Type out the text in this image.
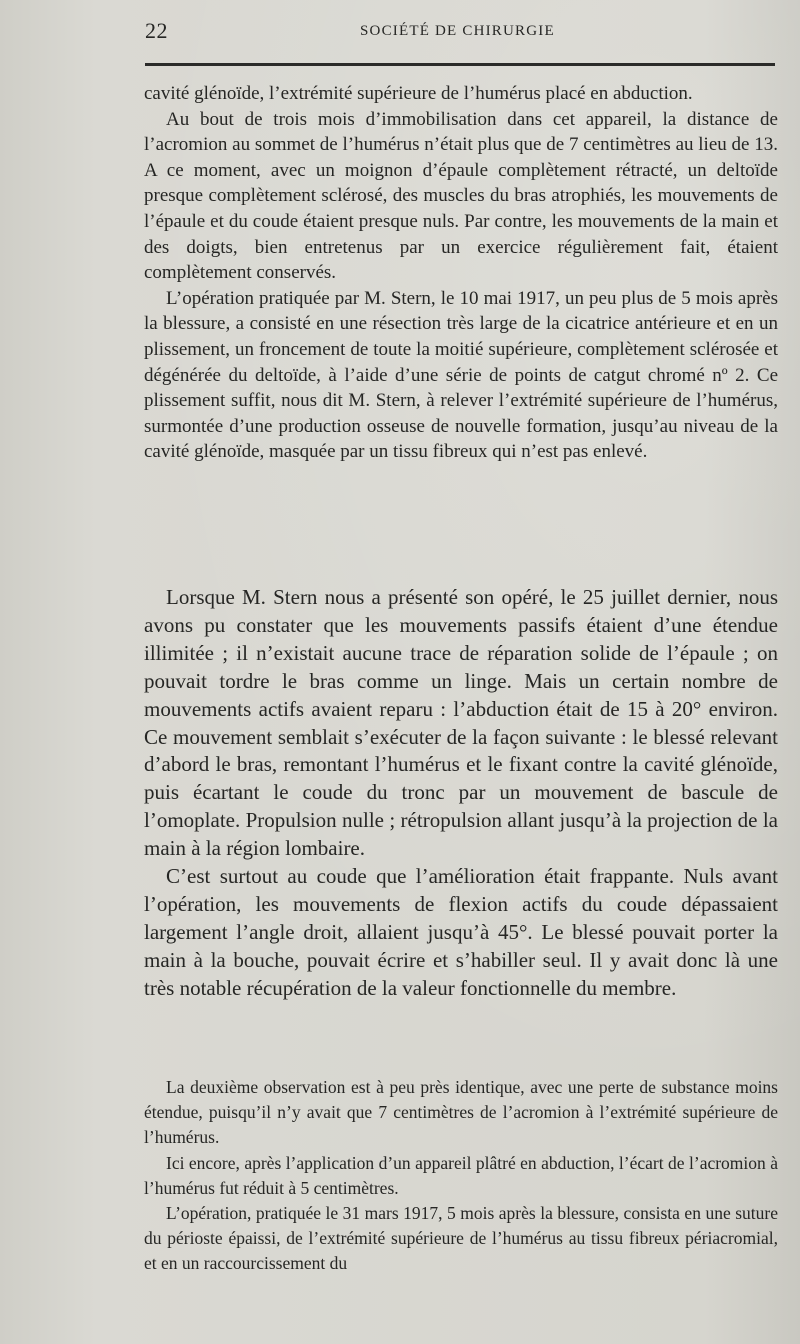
22	SOCIÉTÉ DE CHIRURGIE

cavité glénoïde, l’extrémité supérieure de l’humérus placé en abduction.

Au bout de trois mois d’immobilisation dans cet appareil, la distance de l’acromion au sommet de l’humérus n’était plus que de 7 centimètres au lieu de 13. A ce moment, avec un moignon d’épaule complètement rétracté, un deltoïde presque complètement sclérosé, des muscles du bras atrophiés, les mouvements de l’épaule et du coude étaient presque nuls. Par contre, les mouvements de la main et des doigts, bien entretenus par un exercice régulièrement fait, étaient complètement conservés.

L’opération pratiquée par M. Stern, le 10 mai 1917, un peu plus de 5 mois après la blessure, a consisté en une résection très large de la cicatrice antérieure et en un plissement, un froncement de toute la moitié supérieure, complètement sclérosée et dégénérée du deltoïde, à l’aide d’une série de points de catgut chromé nº 2. Ce plissement suffit, nous dit M. Stern, à relever l’extrémité supérieure de l’humérus, surmontée d’une production osseuse de nouvelle formation, jusqu’au niveau de la cavité glénoïde, masquée par un tissu fibreux qui n’est pas enlevé.

Lorsque M. Stern nous a présenté son opéré, le 25 juillet dernier, nous avons pu constater que les mouvements passifs étaient d’une étendue illimitée ; il n’existait aucune trace de réparation solide de l’épaule ; on pouvait tordre le bras comme un linge. Mais un certain nombre de mouvements actifs avaient reparu : l’abduction était de 15 à 20° environ. Ce mouvement semblait s’exécuter de la façon suivante : le blessé relevant d’abord le bras, remontant l’humérus et le fixant contre la cavité glénoïde, puis écartant le coude du tronc par un mouvement de bascule de l’omoplate. Propulsion nulle ; rétropulsion allant jusqu’à la projection de la main à la région lombaire.

C’est surtout au coude que l’amélioration était frappante. Nuls avant l’opération, les mouvements de flexion actifs du coude dépassaient largement l’angle droit, allaient jusqu’à 45°. Le blessé pouvait porter la main à la bouche, pouvait écrire et s’habiller seul. Il y avait donc là une très notable récupération de la valeur fonctionnelle du membre.

La deuxième observation est à peu près identique, avec une perte de substance moins étendue, puisqu’il n’y avait que 7 centimètres de l’acromion à l’extrémité supérieure de l’humérus.

Ici encore, après l’application d’un appareil plâtré en abduction, l’écart de l’acromion à l’humérus fut réduit à 5 centimètres.

L’opération, pratiquée le 31 mars 1917, 5 mois après la blessure, consista en une suture du périoste épaissi, de l’extrémité supérieure de l’humérus au tissu fibreux périacromial, et en un raccourcissement du
